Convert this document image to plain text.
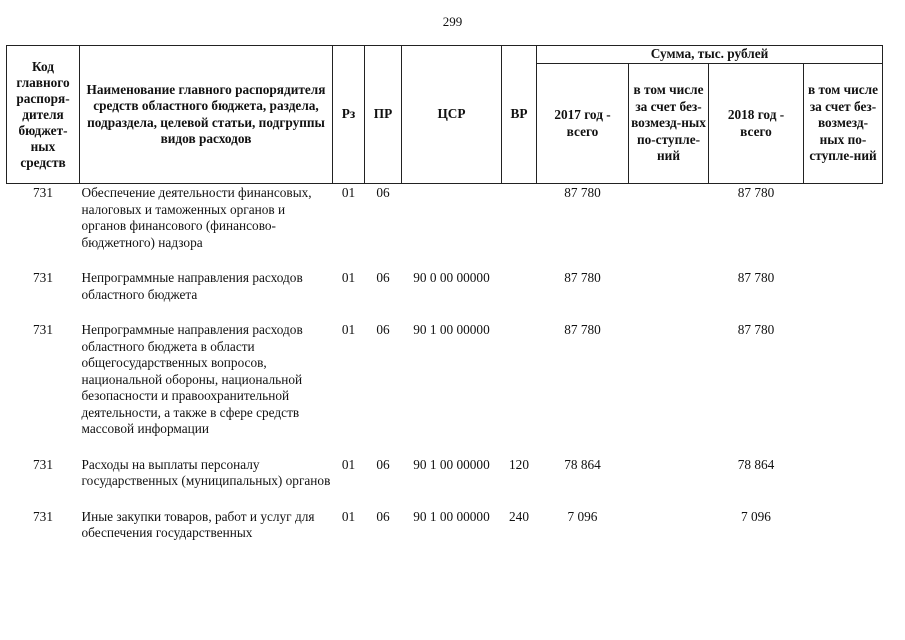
299
Код главного распоря-дителя бюджет-ных средств	Наименование главного распорядителя средств областного бюджета, раздела, подраздела, целевой статьи, подгруппы видов расходов	Рз	ПР	ЦСР	ВР	Сумма, тыс. рублей			
						2017 год - всего	в том числе за счет без-возмезд-ных по-ступле-ний	2018 год - всего	в том числе за счет без-возмезд-ных по-ступле-ний
731	Обеспечение деятельности финансовых, налоговых и таможенных органов и органов финансового (финансово-бюджетного) надзора	01	06			87 780		87 780	
731	Непрограммные направления расходов областного бюджета	01	06	90 0 00 00000		87 780		87 780	
731	Непрограммные направления расходов областного бюджета в области общегосударственных вопросов, национальной обороны, национальной безопасности и правоохранительной деятельности, а также в сфере средств массовой информации	01	06	90 1 00 00000		87 780		87 780	
731	Расходы на выплаты персоналу государственных (муниципальных) органов	01	06	90 1 00 00000	120	78 864		78 864	
731	Иные закупки товаров, работ и услуг для обеспечения государственных	01	06	90 1 00 00000	240	7 096		7 096	
